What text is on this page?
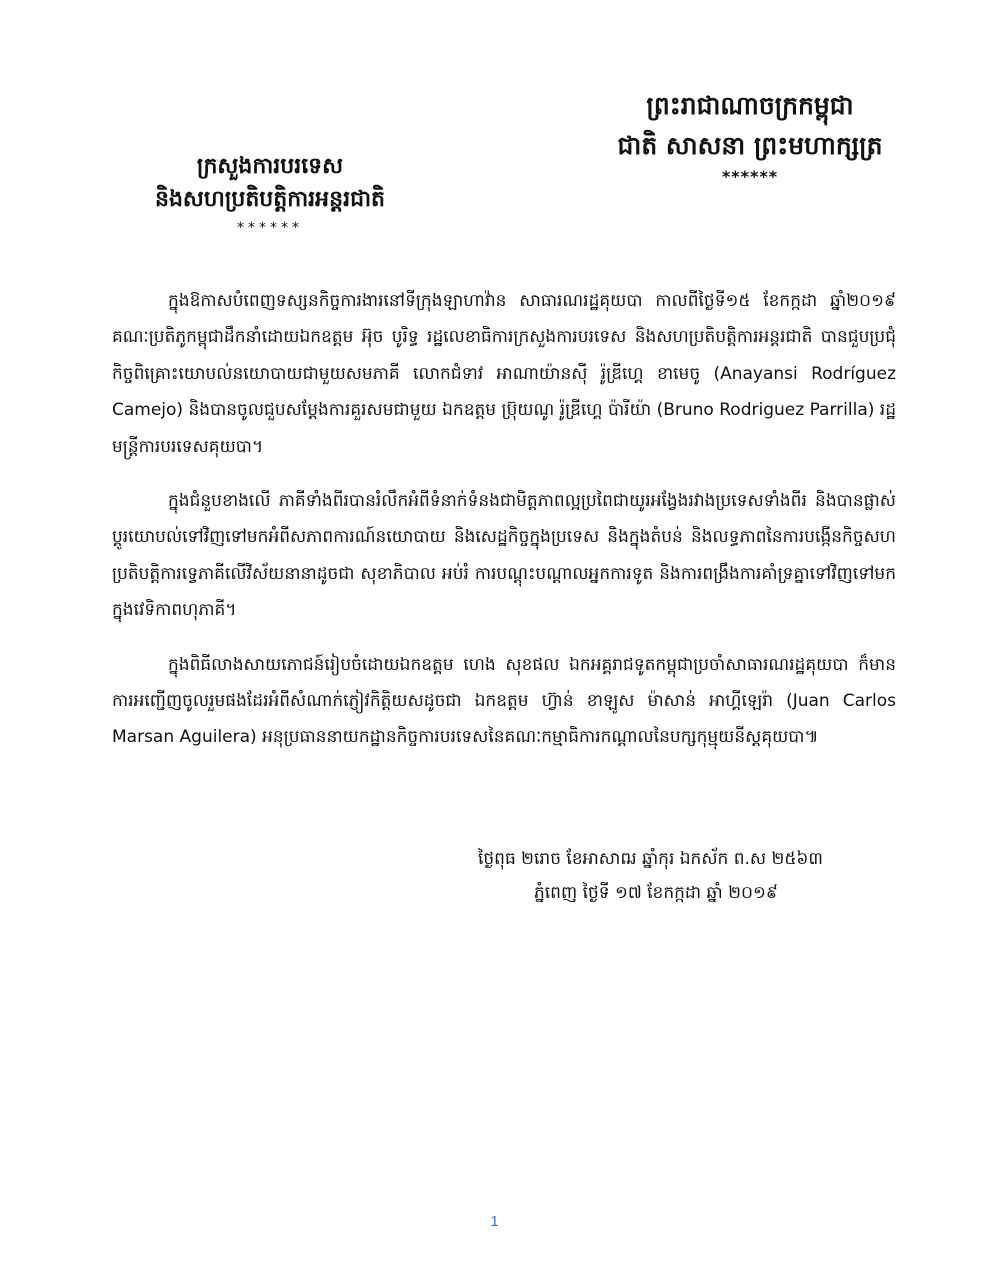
ព្រះរាជាណាចក្រកម្ពុជា
ជាតិ សាសនា ព្រះមហាក្សត្រ
******
ក្រសួងការបរទេស
និងសហប្រតិបត្តិការអន្តរជាតិ
******

ក្នុងឱកាសបំពេញទស្សនកិច្ចការងារនៅទីក្រុងឡាហាវ៉ាន សាធារណរដ្ឋគុយបា កាលពីថ្ងៃទី១៥ ខែកក្កដា ឆ្នាំ២០១៩ គណៈប្រតិភូកម្ពុជាដឹកនាំដោយឯកឧត្តម អ៊ុច បូរិទ្ធ រដ្ឋលេខាធិការក្រសួងការបរទេស និងសហប្រតិបត្តិការអន្តរជាតិ បានជួបប្រជុំកិច្ចពិគ្រោះយោបល់នយោបាយជាមួយសមភាគី លោកជំទាវ អាណាយ៉ានស៊ី រ៉ូឌ្រីហ្គេ ខាមេចូ (Anayansi Rodríguez Camejo) និងបានចូលជួបសម្តែងការគួរសមជាមួយ ឯកឧត្តម ប្រ៊ុយណូ រ៉ូឌ្រីហ្គេ ប៉ារីយ៉ា (Bruno Rodriguez Parrilla) រដ្ឋមន្ត្រីការបរទេសគុយបា។

ក្នុងជំនួបខាងលើ ភាគីទាំងពីរបានរំលឹកអំពីទំនាក់ទំនងជាមិត្តភាពល្អប្រពៃជាយូរអង្វែងរវាងប្រទេសទាំងពីរ និងបានផ្លាស់ប្តូរយោបល់ទៅវិញទៅមកអំពីសភាពការណ៍នយោបាយ និងសេដ្ឋកិច្ចក្នុងប្រទេស និងក្នុងតំបន់ និងលទ្ធភាពនៃការបង្កើនកិច្ចសហប្រតិបត្តិការទ្វេភាគីលើវិស័យនានាដូចជា សុខាភិបាល អប់រំ ការបណ្តុះបណ្តាលអ្នកការទូត និងការពង្រឹងការគាំទ្រគ្នាទៅវិញទៅមកក្នុងវេទិកាពហុភាគី។

ក្នុងពិធីលាងសាយភោជន៍រៀបចំដោយឯកឧត្តម ហេង សុខផល ឯកអគ្គរាជទូតកម្ពុជាប្រចាំសាធារណរដ្ឋគុយបា ក៏មានការអញ្ជើញចូលរួមផងដែរអំពីសំណាក់ភ្ញៀវកិត្តិយសដូចជា ឯកឧត្តម ហ៊្វាន់ ខាឡូស ម៉ាសាន់ អាហ្គីឡេរ៉ា (Juan Carlos Marsan Aguilera) អនុប្រធាននាយកដ្ឋានកិច្ចការបរទេសនៃគណៈកម្មាធិការកណ្តាលនៃបក្សកុម្មុយនីស្តគុយបា៕

ថ្ងៃពុធ ២រោច ខែអាសាឍ ឆ្នាំកុរ ឯកស័ក ព.ស ២៥៦៣
ភ្នំពេញ ថ្ងៃទី ១៧ ខែកក្កដា ឆ្នាំ ២០១៩
1
